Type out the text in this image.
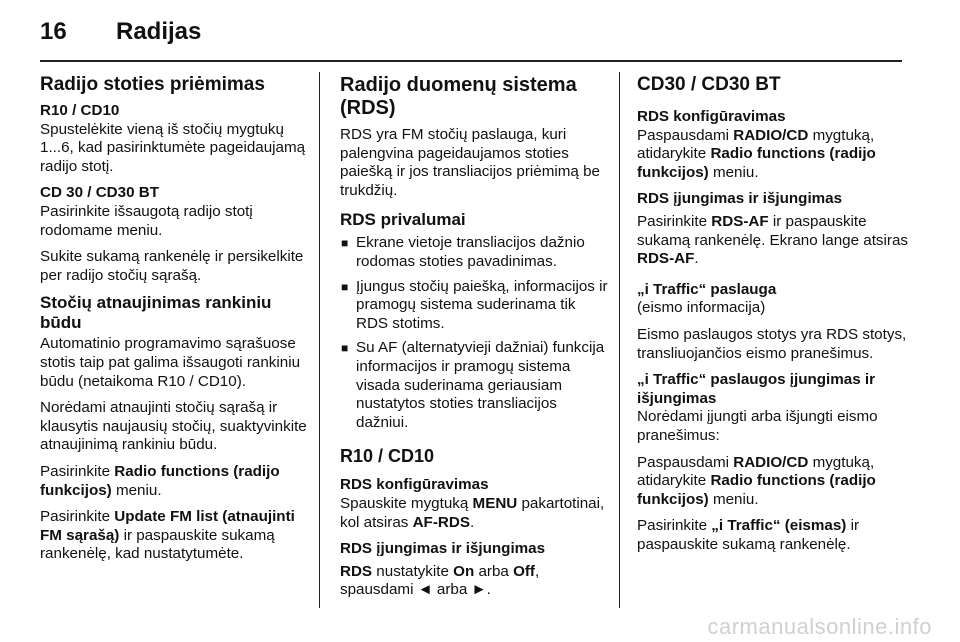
16 Radijas
Radijo stoties priėmimas
R10 / CD10

Spustelėkite vieną iš stočių mygtukų 1...6, kad pasirinktumėte pageidaujamą radijo stotį.

CD 30 / CD30 BT

Pasirinkite išsaugotą radijo stotį rodomame meniu.

Sukite sukamą rankenėlę ir persikelkite per radijo stočių sąrašą.

Stočių atnaujinimas rankiniu būdu

Automatinio programavimo sąrašuose stotis taip pat galima išsaugoti rankiniu būdu (netaikoma R10 / CD10).

Norėdami atnaujinti stočių sąrašą ir klausytis naujausių stočių, suaktyvinkite atnaujinimą rankiniu būdu.

Pasirinkite Radio functions (radijo funkcijos) meniu.

Pasirinkite Update FM list (atnaujinti FM sąrašą) ir paspauskite sukamą rankenėlę, kad nustatytumėte.

Radijo duomenų sistema (RDS)

RDS yra FM stočių paslauga, kuri palengvina pageidaujamos stoties paiešką ir jos transliacijos priėmimą be trukdžių.

RDS privalumai
■ Ekrane vietoje transliacijos dažnio rodomas stoties pavadinimas.
■ Įjungus stočių paiešką, informacijos ir pramogų sistema suderinama tik RDS stotims.
■ Su AF (alternatyvieji dažniai) funkcija informacijos ir pramogų sistema visada suderinama geriausiam nustatytos stoties transliacijos dažniui.
R10 / CD10
RDS konfigūravimas

Spauskite mygtuką MENU pakartotinai, kol atsiras AF-RDS.

RDS įjungimas ir išjungimas

RDS nustatykite On arba Off, spausdami ◄ arba ►.

CD30 / CD30 BT
RDS konfigūravimas

Paspausdami RADIO/CD mygtuką, atidarykite Radio functions (radijo funkcijos) meniu.

RDS įjungimas ir išjungimas

Pasirinkite RDS-AF ir paspauskite sukamą rankenėlę. Ekrano lange atsiras RDS-AF.

„i Traffic“ paslauga

(eismo informacija)

Eismo paslaugos stotys yra RDS stotys, transliuojančios eismo pranešimus.

„i Traffic“ paslaugos įjungimas ir išjungimas

Norėdami įjungti arba išjungti eismo pranešimus:

Paspausdami RADIO/CD mygtuką, atidarykite Radio functions (radijo funkcijos) meniu.

Pasirinkite „i Traffic“ (eismas) ir paspauskite sukamą rankenėlę.

carmanualsonline.info
